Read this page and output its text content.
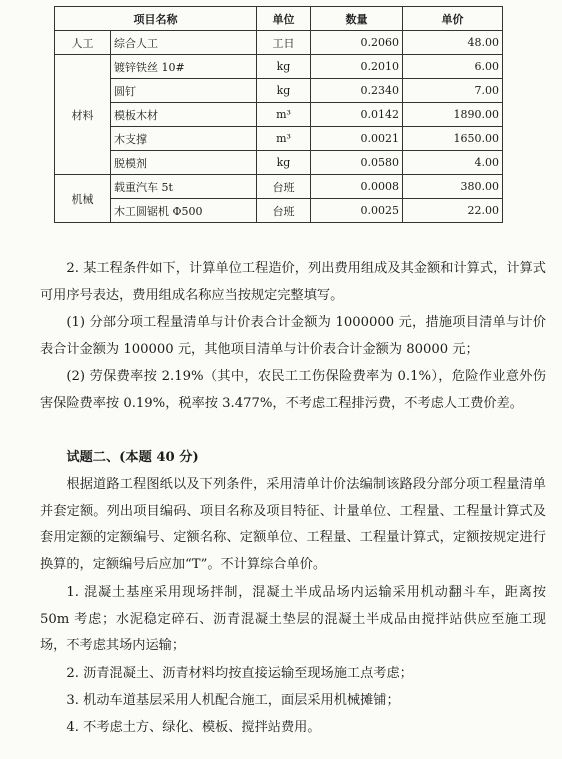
项目名称		单位	数量	单价
人工	综合人工	工日	0.2060	48.00
材料	镀锌铁丝 10#	kg	0.2010	6.00
	圆钉	kg	0.2340	7.00
	模板木材	m³	0.0142	1890.00
	木支撑	m³	0.0021	1650.00
	脱模剂	kg	0.0580	4.00
机械	载重汽车 5t	台班	0.0008	380.00
	木工圆锯机 Φ500	台班	0.0025	22.00

2. 某工程条件如下，计算单位工程造价，列出费用组成及其金额和计算式，计算式可用序号表达，费用组成名称应当按规定完整填写。

(1) 分部分项工程量清单与计价表合计金额为 1000000 元，措施项目清单与计价表合计金额为 100000 元，其他项目清单与计价表合计金额为 80000 元；

(2) 劳保费率按 2.19%（其中，农民工工伤保险费率为 0.1%），危险作业意外伤害保险费率按 0.19%，税率按 3.477%，不考虑工程排污费，不考虑人工费价差。

试题二、(本题 40 分)

根据道路工程图纸以及下列条件，采用清单计价法编制该路段分部分项工程量清单并套定额。列出项目编码、项目名称及项目特征、计量单位、工程量、工程量计算式及套用定额的定额编号、定额名称、定额单位、工程量、工程量计算式，定额按规定进行换算的，定额编号后应加“T”。不计算综合单价。

1. 混凝土基座采用现场拌制，混凝土半成品场内运输采用机动翻斗车，距离按 50m 考虑；水泥稳定碎石、沥青混凝土垫层的混凝土半成品由搅拌站供应至施工现场，不考虑其场内运输；

2. 沥青混凝土、沥青材料均按直接运输至现场施工点考虑；

3. 机动车道基层采用人机配合施工，面层采用机械摊铺；

4. 不考虑土方、绿化、模板、搅拌站费用。
